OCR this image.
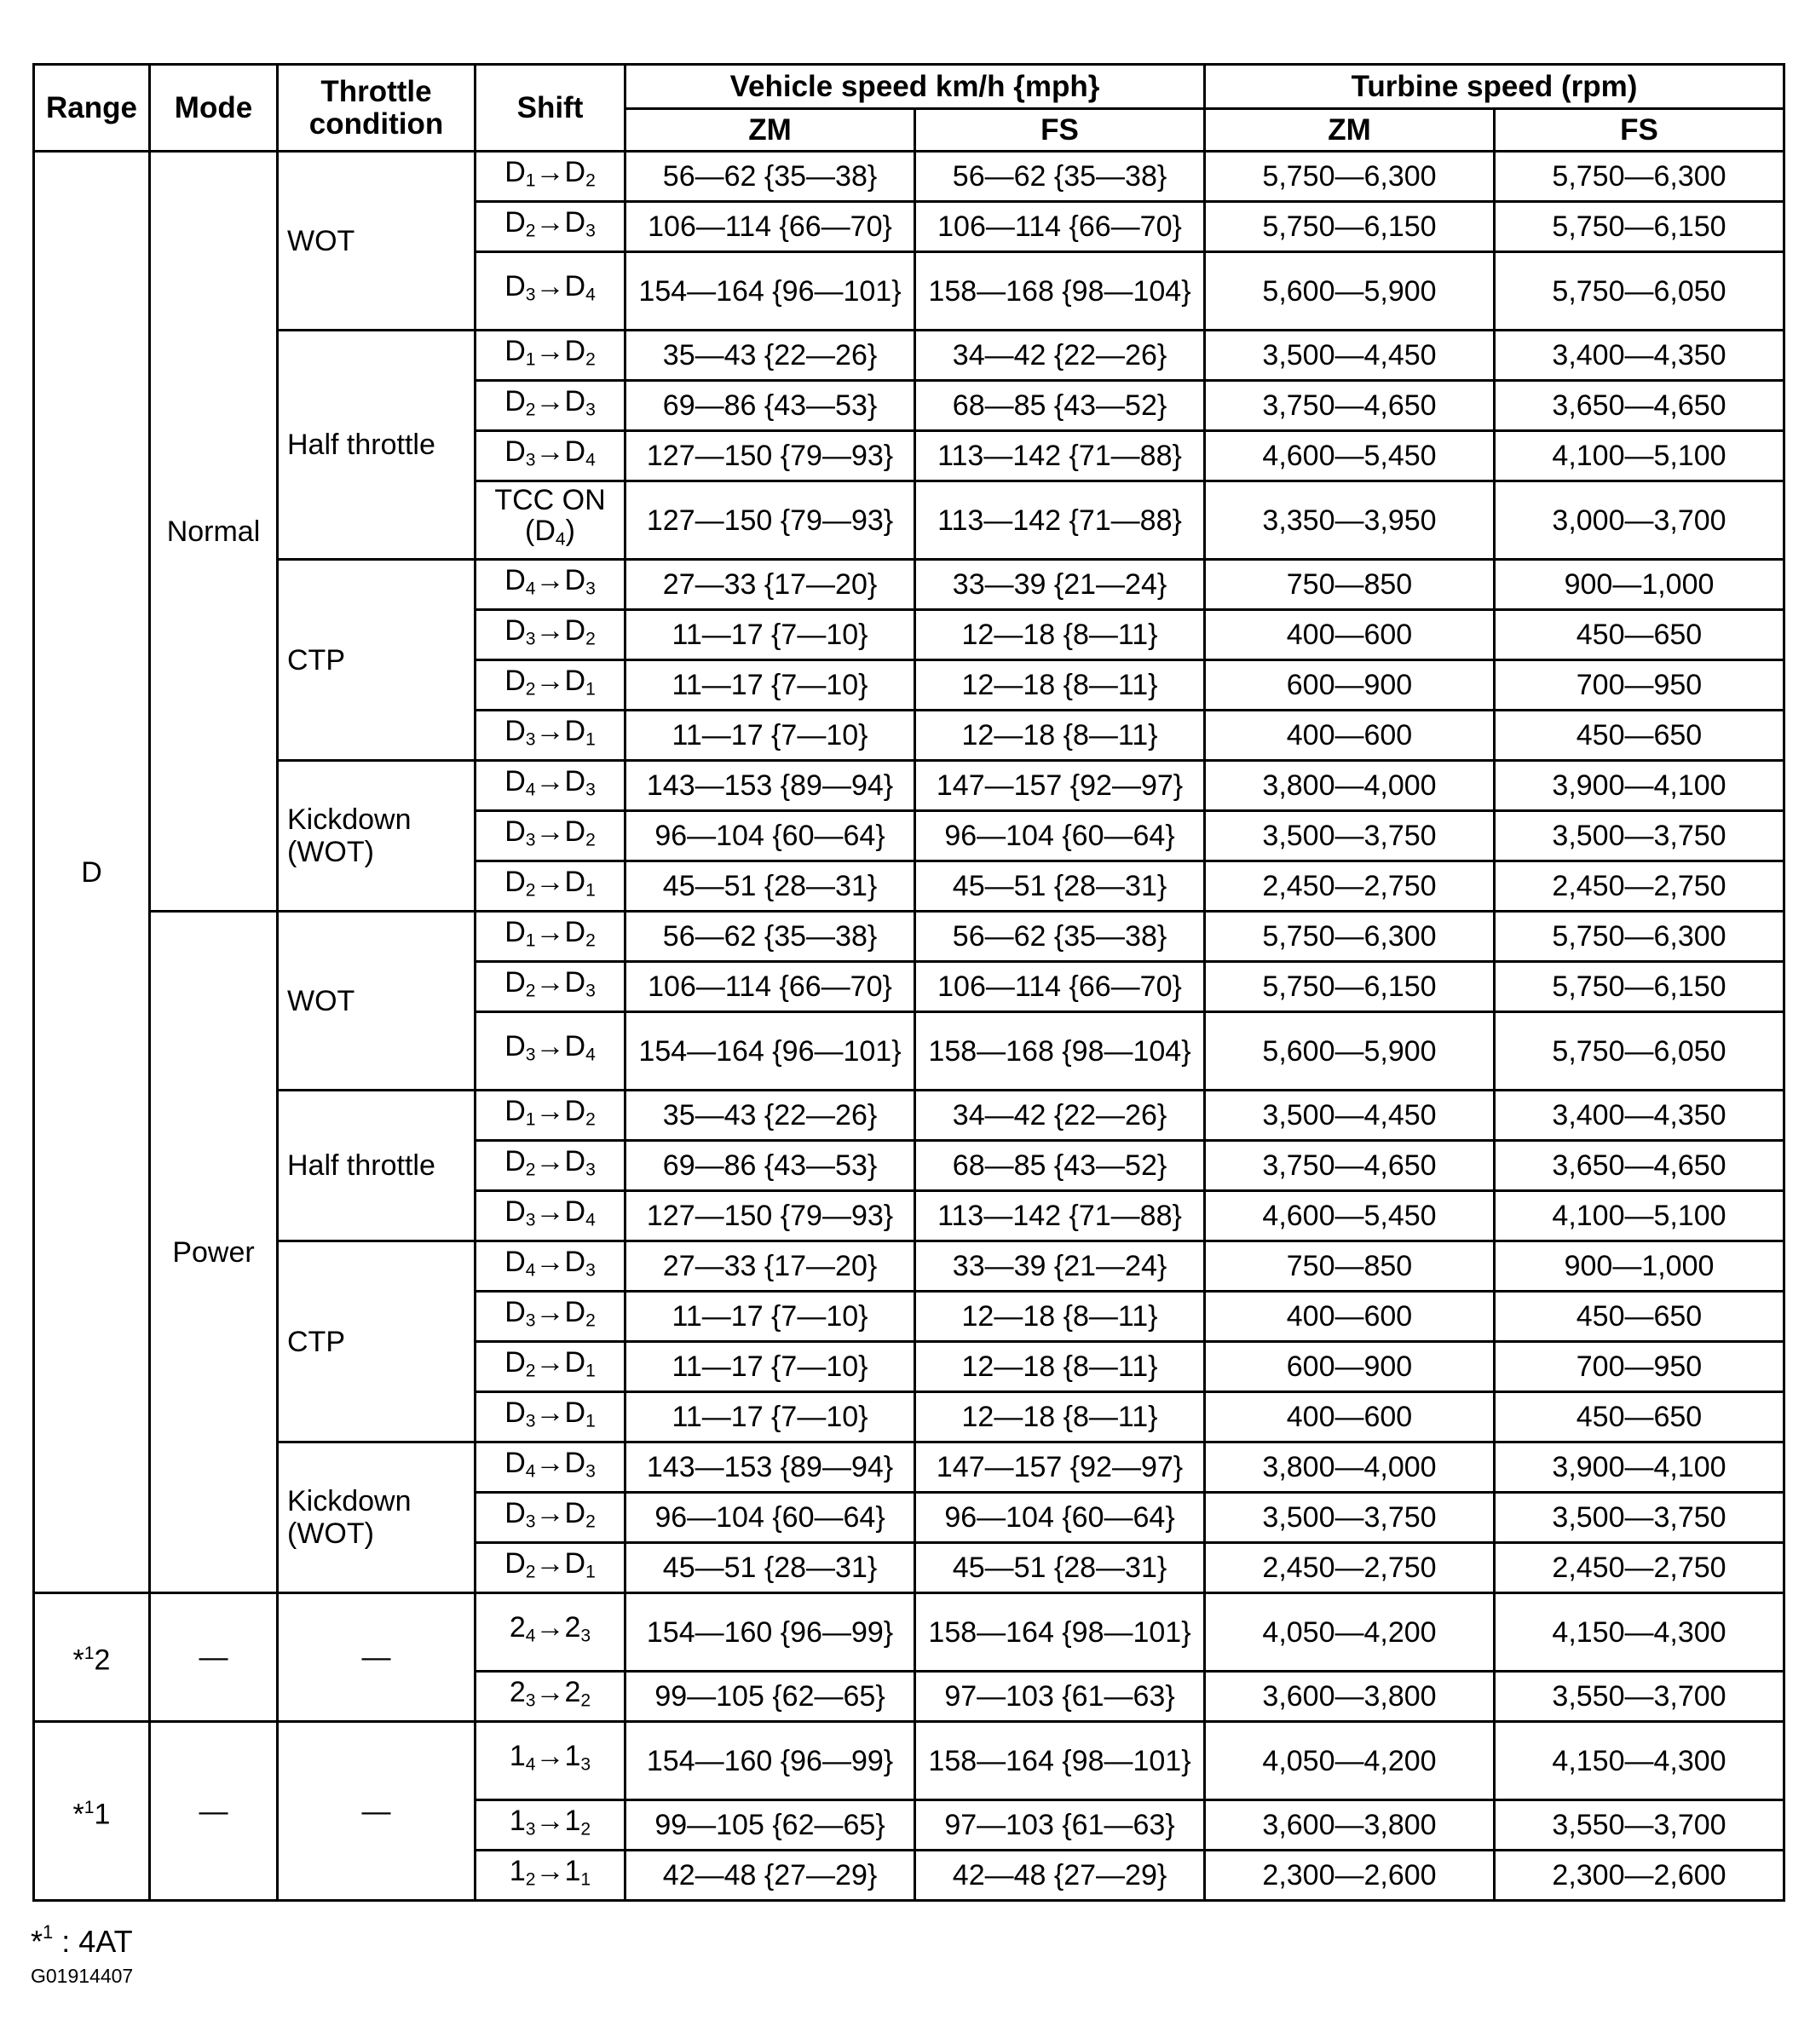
Range	Mode	Throttle condition	Shift	Vehicle speed km/h {mph}		Turbine speed (rpm)	
				ZM	FS	ZM	FS
D	Normal	WOT	$D_1\to D_2$	56—62 {35—38}	56—62 {35—38}	5,750—6,300	5,750—6,300
			$D_2\to D_3$	106—114 {66—70}	106—114 {66—70}	5,750—6,150	5,750—6,150
			$D_3\to D_4$	154—164 {96—101}	158—168 {98—104}	5,600—5,900	5,750—6,050
		Half throttle	$D_1\to D_2$	35—43 {22—26}	34—42 {22—26}	3,500—4,450	3,400—4,350
			$D_2\to D_3$	69—86 {43—53}	68—85 {43—52}	3,750—4,650	3,650—4,650
			$D_3\to D_4$	127—150 {79—93}	113—142 {71—88}	4,600—5,450	4,100—5,100
			TCC ON $(D_4)$	127—150 {79—93}	113—142 {71—88}	3,350—3,950	3,000—3,700
		CTP	$D_4\to D_3$	27—33 {17—20}	33—39 {21—24}	750—850	900—1,000
			$D_3\to D_2$	11—17 {7—10}	12—18 {8—11}	400—600	450—650
			$D_2\to D_1$	11—17 {7—10}	12—18 {8—11}	600—900	700—950
			$D_3\to D_1$	11—17 {7—10}	12—18 {8—11}	400—600	450—650
		Kickdown (WOT)	$D_4\to D_3$	143—153 {89—94}	147—157 {92—97}	3,800—4,000	3,900—4,100
			$D_3\to D_2$	96—104 {60—64}	96—104 {60—64}	3,500—3,750	3,500—3,750
			$D_2\to D_1$	45—51 {28—31}	45—51 {28—31}	2,450—2,750	2,450—2,750
	Power	WOT	$D_1\to D_2$	56—62 {35—38}	56—62 {35—38}	5,750—6,300	5,750—6,300
			$D_2\to D_3$	106—114 {66—70}	106—114 {66—70}	5,750—6,150	5,750—6,150
			$D_3\to D_4$	154—164 {96—101}	158—168 {98—104}	5,600—5,900	5,750—6,050
		Half throttle	$D_1\to D_2$	35—43 {22—26}	34—42 {22—26}	3,500—4,450	3,400—4,350
			$D_2\to D_3$	69—86 {43—53}	68—85 {43—52}	3,750—4,650	3,650—4,650
			$D_3\to D_4$	127—150 {79—93}	113—142 {71—88}	4,600—5,450	4,100—5,100
		CTP	$D_4\to D_3$	27—33 {17—20}	33—39 {21—24}	750—850	900—1,000
			$D_3\to D_2$	11—17 {7—10}	12—18 {8—11}	400—600	450—650
			$D_2\to D_1$	11—17 {7—10}	12—18 {8—11}	600—900	700—950
			$D_3\to D_1$	11—17 {7—10}	12—18 {8—11}	400—600	450—650
		Kickdown (WOT)	$D_4\to D_3$	143—153 {89—94}	147—157 {92—97}	3,800—4,000	3,900—4,100
			$D_3\to D_2$	96—104 {60—64}	96—104 {60—64}	3,500—3,750	3,500—3,750
			$D_2\to D_1$	45—51 {28—31}	45—51 {28—31}	2,450—2,750	2,450—2,750
*$^1$2	—	—	$2_4\to 2_3$	154—160 {96—99}	158—164 {98—101}	4,050—4,200	4,150—4,300
			$2_3\to 2_2$	99—105 {62—65}	97—103 {61—63}	3,600—3,800	3,550—3,700
*$^1$1	—	—	$1_4\to 1_3$	154—160 {96—99}	158—164 {98—101}	4,050—4,200	4,150—4,300
			$1_3\to 1_2$	99—105 {62—65}	97—103 {61—63}	3,600—3,800	3,550—3,700
			$1_2\to 1_1$	42—48 {27—29}	42—48 {27—29}	2,300—2,600	2,300—2,600
*$^1$ : 4AT
G01914407
